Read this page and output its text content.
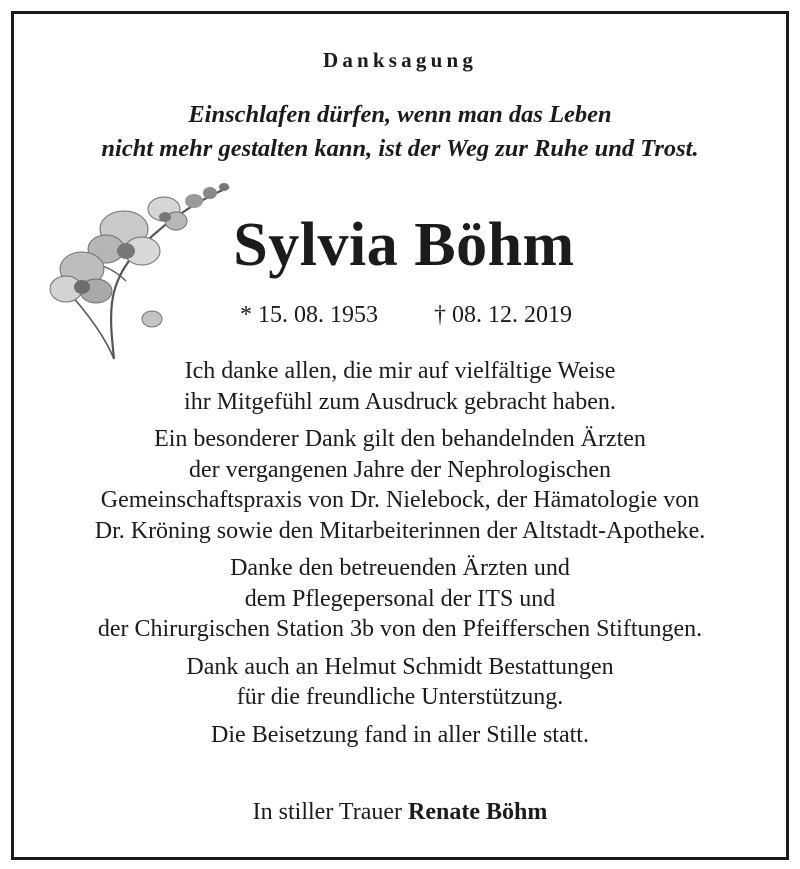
Danksagung
Einschlafen dürfen, wenn man das Leben
nicht mehr gestalten kann, ist der Weg zur Ruhe und Trost.
Sylvia Böhm
* 15. 08. 1953 † 08. 12. 2019

Ich danke allen, die mir auf vielfältige Weise
ihr Mitgefühl zum Ausdruck gebracht haben.

Ein besonderer Dank gilt den behandelnden Ärzten
der vergangenen Jahre der Nephrologischen
Gemeinschaftspraxis von Dr. Nielebock, der Hämatologie von
Dr. Kröning sowie den Mitarbeiterinnen der Altstadt-Apotheke.

Danke den betreuenden Ärzten und
dem Pflegepersonal der ITS und
der Chirurgischen Station 3b von den Pfeifferschen Stiftungen.

Dank auch an Helmut Schmidt Bestattungen
für die freundliche Unterstützung.

Die Beisetzung fand in aller Stille statt.

In stiller Trauer Renate Böhm
